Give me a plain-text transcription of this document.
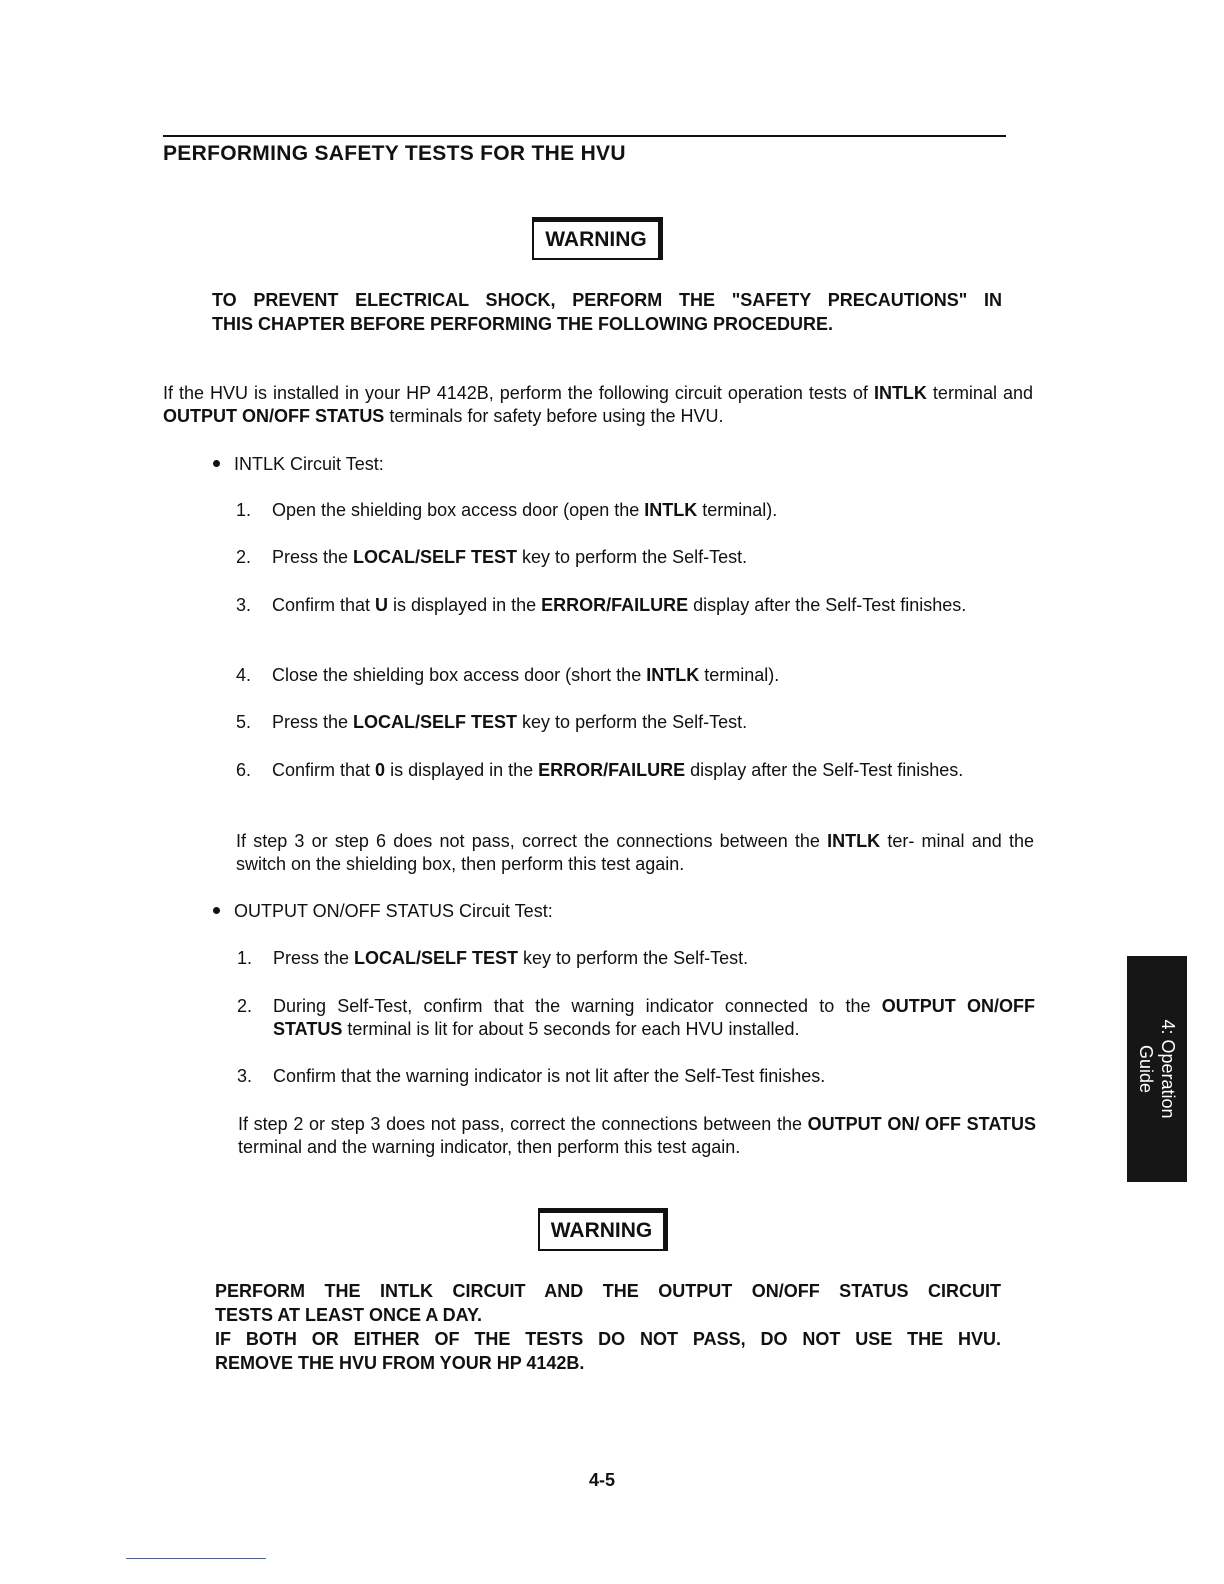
PERFORMING SAFETY TESTS FOR THE HVU
WARNING
TO PREVENT ELECTRICAL SHOCK, PERFORM THE "SAFETY PRECAUTIONS" IN
THIS CHAPTER BEFORE PERFORMING THE FOLLOWING PROCEDURE.

If the HVU is installed in your HP 4142B, perform the following circuit operation tests of INTLK terminal and OUTPUT ON/OFF STATUS terminals for safety before using the HVU.

INTLK Circuit Test:

1. Open the shielding box access door (open the INTLK terminal).
2. Press the LOCAL/SELF TEST key to perform the Self-Test.
3. Confirm that U is displayed in the ERROR/FAILURE display after the Self-Test finishes.
4. Close the shielding box access door (short the INTLK terminal).
5. Press the LOCAL/SELF TEST key to perform the Self-Test.
6. Confirm that 0 is displayed in the ERROR/FAILURE display after the Self-Test finishes.

If step 3 or step 6 does not pass, correct the connections between the INTLK ter- minal and the switch on the shielding box, then perform this test again.

OUTPUT ON/OFF STATUS Circuit Test:

1. Press the LOCAL/SELF TEST key to perform the Self-Test.
2. During Self-Test, confirm that the warning indicator connected to the OUTPUT ON/OFF STATUS terminal is lit for about 5 seconds for each HVU installed.
3. Confirm that the warning indicator is not lit after the Self-Test finishes.

If step 2 or step 3 does not pass, correct the connections between the OUTPUT ON/ OFF STATUS terminal and the warning indicator, then perform this test again.

WARNING
PERFORM THE INTLK CIRCUIT AND THE OUTPUT ON/OFF STATUS CIRCUIT
TESTS AT LEAST ONCE A DAY.
IF BOTH OR EITHER OF THE TESTS DO NOT PASS, DO NOT USE THE HVU.
REMOVE THE HVU FROM YOUR HP 4142B.
4: Operation
Guide
4-5
